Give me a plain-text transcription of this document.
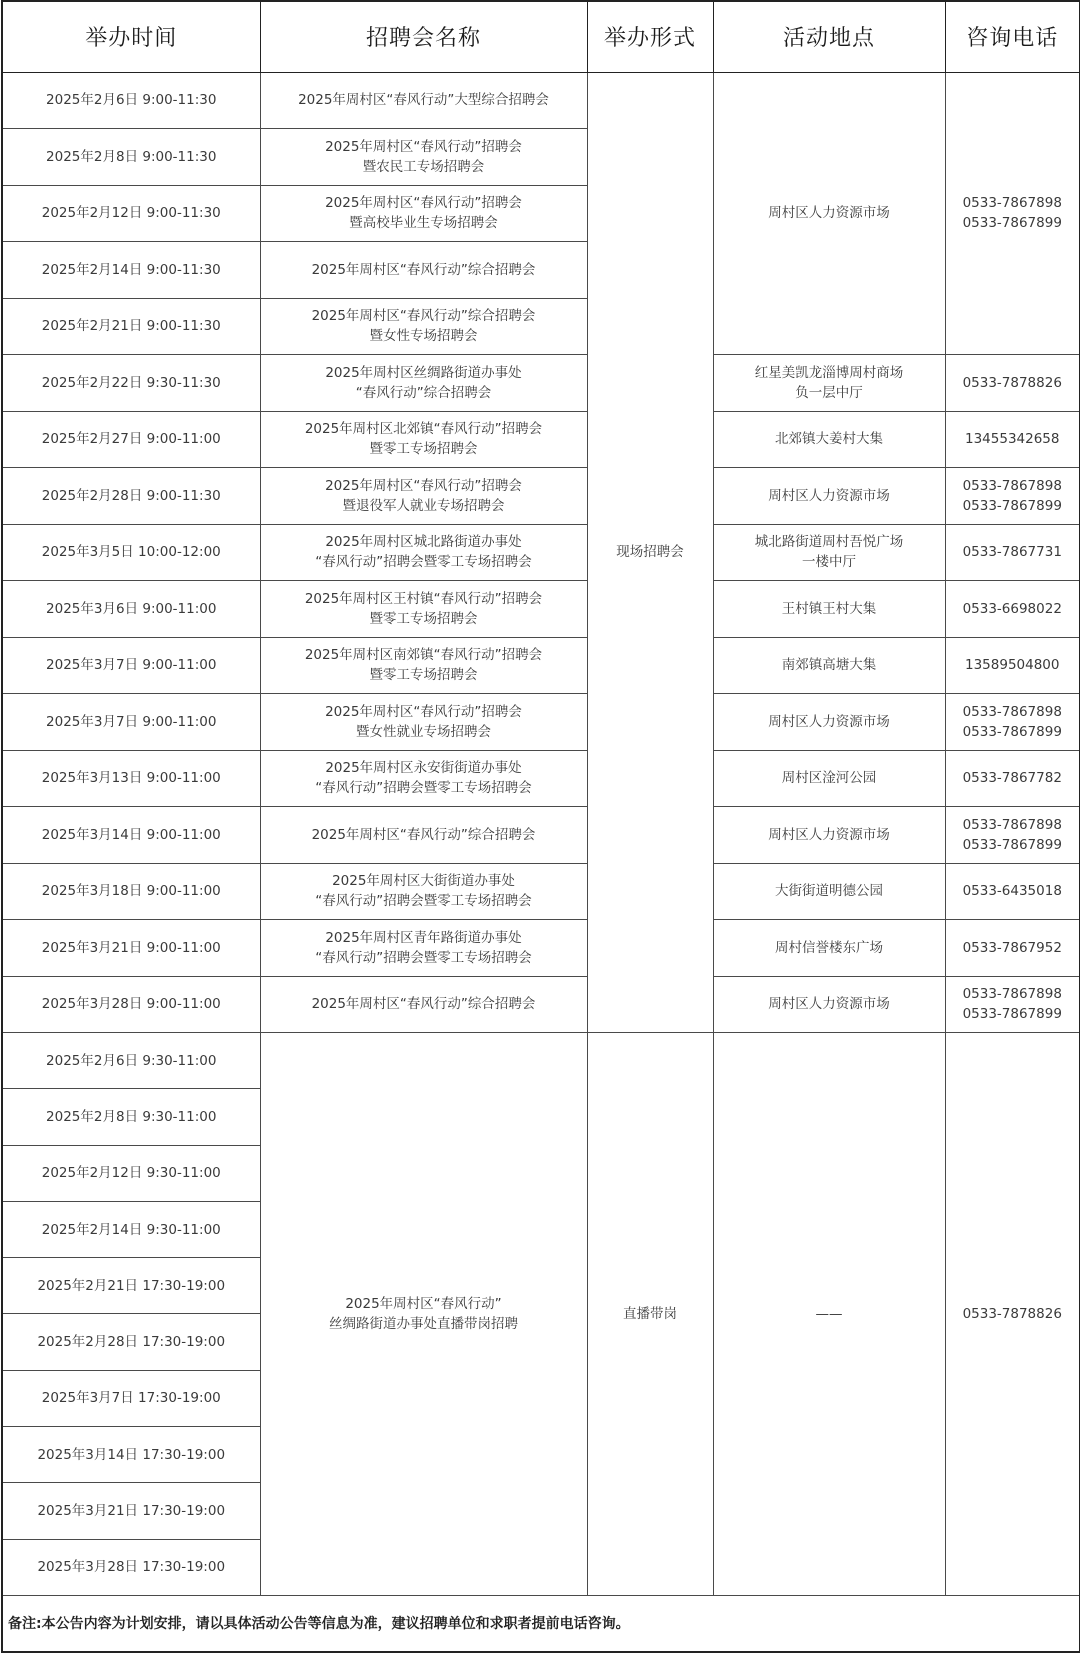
举办时间	招聘会名称	举办形式	活动地点	咨询电话
2025年2月6日 9:00-11:30	2025年周村区“春风行动”大型综合招聘会	现场招聘会	周村区人力资源市场	0533-7867898
0533-7867899

2025年2月8日 9:00-11:30	2025年周村区“春风行动”招聘会
暨农民工专场招聘会			

2025年2月12日 9:00-11:30	2025年周村区“春风行动”招聘会
暨高校毕业生专场招聘会			

2025年2月14日 9:00-11:30	2025年周村区“春风行动”综合招聘会			

2025年2月21日 9:00-11:30	2025年周村区“春风行动”综合招聘会
暨女性专场招聘会			

2025年2月22日 9:30-11:30	2025年周村区丝绸路街道办事处
“春风行动”综合招聘会		红星美凯龙淄博周村商场
负一层中厅	0533-7878826

2025年2月27日 9:00-11:00	2025年周村区北郊镇“春风行动”招聘会
暨零工专场招聘会		北郊镇大姜村大集	13455342658

2025年2月28日 9:00-11:30	2025年周村区“春风行动”招聘会
暨退役军人就业专场招聘会		周村区人力资源市场	0533-7867898
0533-7867899

2025年3月5日 10:00-12:00	2025年周村区城北路街道办事处
“春风行动”招聘会暨零工专场招聘会		城北路街道周村吾悦广场
一楼中厅	0533-7867731

2025年3月6日 9:00-11:00	2025年周村区王村镇“春风行动”招聘会
暨零工专场招聘会		王村镇王村大集	0533-6698022

2025年3月7日 9:00-11:00	2025年周村区南郊镇“春风行动”招聘会
暨零工专场招聘会		南郊镇高塘大集	13589504800

2025年3月7日 9:00-11:00	2025年周村区“春风行动”招聘会
暨女性就业专场招聘会		周村区人力资源市场	0533-7867898
0533-7867899

2025年3月13日 9:00-11:00	2025年周村区永安街街道办事处
“春风行动”招聘会暨零工专场招聘会		周村区淦河公园	0533-7867782

2025年3月14日 9:00-11:00	2025年周村区“春风行动”综合招聘会		周村区人力资源市场	0533-7867898
0533-7867899

2025年3月18日 9:00-11:00	2025年周村区大街街道办事处
“春风行动”招聘会暨零工专场招聘会		大街街道明德公园	0533-6435018

2025年3月21日 9:00-11:00	2025年周村区青年路街道办事处
“春风行动”招聘会暨零工专场招聘会		周村信誉楼东广场	0533-7867952

2025年3月28日 9:00-11:00	2025年周村区“春风行动”综合招聘会		周村区人力资源市场	0533-7867898
0533-7867899

2025年2月6日 9:30-11:00	2025年周村区“春风行动”
丝绸路街道办事处直播带岗招聘	直播带岗	——	0533-7878826
2025年2月8日 9:30-11:00				
2025年2月12日 9:30-11:00				
2025年2月14日 9:30-11:00				
2025年2月21日 17:30-19:00				
2025年2月28日 17:30-19:00				
2025年3月7日 17:30-19:00				
2025年3月14日 17:30-19:00				
2025年3月21日 17:30-19:00				
2025年3月28日 17:30-19:00				
备注:本公告内容为计划安排，请以具体活动公告等信息为准，建议招聘单位和求职者提前电话咨询。				
